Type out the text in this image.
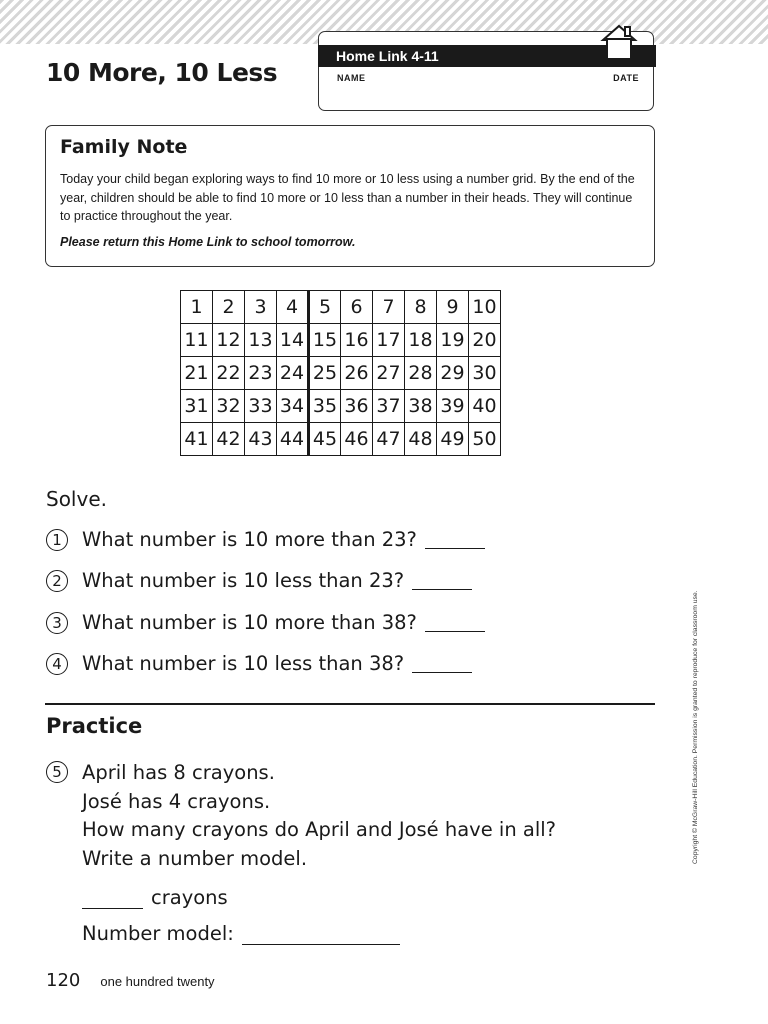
10 More, 10 Less
Home Link 4-11
NAME	DATE
Family Note

Today your child began exploring ways to find 10 more or 10 less using a number grid. By the end of the year, children should be able to find 10 more or 10 less than a number in their heads. They will continue to practice throughout the year.

Please return this Home Link to school tomorrow.

1	2	3	4	5	6	7	8	9	10
11	12	13	14	15	16	17	18	19	20
21	22	23	24	25	26	27	28	29	30
31	32	33	34	35	36	37	38	39	40
41	42	43	44	45	46	47	48	49	50
Solve.
1	What number is 10 more than 23?
2	What number is 10 less than 23?
3	What number is 10 more than 38?
4	What number is 10 less than 38?
Practice
5	April has 8 crayons.
José has 4 crayons.
How many crayons do April and José have in all?
Write a number model.
crayons
Number model:
120 one hundred twenty
Copyright © McGraw-Hill Education. Permission is granted to reproduce for classroom use.
